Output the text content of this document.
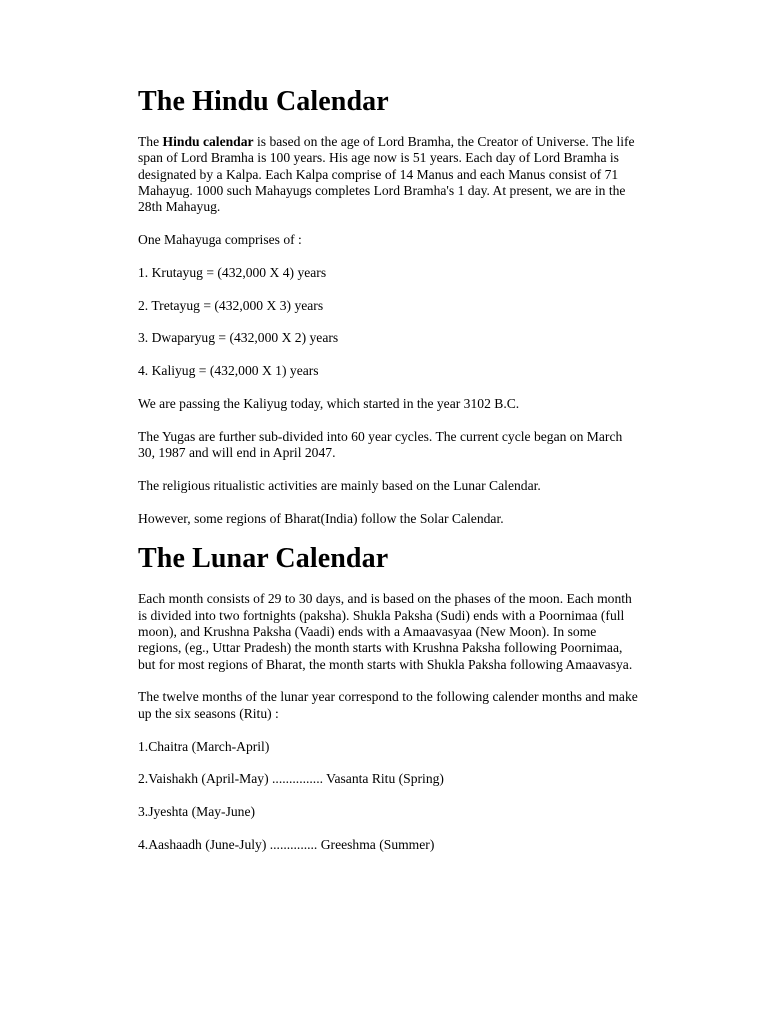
The Hindu Calendar

The Hindu calendar is based on the age of Lord Bramha, the Creator of Universe. The life span of Lord Bramha is 100 years. His age now is 51 years. Each day of Lord Bramha is designated by a Kalpa. Each Kalpa comprise of 14 Manus and each Manus consist of 71 Mahayug. 1000 such Mahayugs completes Lord Bramha's 1 day. At present, we are in the 28th Mahayug.

One Mahayuga comprises of :

1. Krutayug = (432,000 X 4) years

2. Tretayug = (432,000 X 3) years

3. Dwaparyug = (432,000 X 2) years

4. Kaliyug = (432,000 X 1) years

We are passing the Kaliyug today, which started in the year 3102 B.C.

The Yugas are further sub-divided into 60 year cycles. The current cycle began on March 30, 1987 and will end in April 2047.

The religious ritualistic activities are mainly based on the Lunar Calendar.

However, some regions of Bharat(India) follow the Solar Calendar.

The Lunar Calendar

Each month consists of 29 to 30 days, and is based on the phases of the moon. Each month is divided into two fortnights (paksha). Shukla Paksha (Sudi) ends with a Poornimaa (full moon), and Krushna Paksha (Vaadi) ends with a Amaavasyaa (New Moon). In some regions, (eg., Uttar Pradesh) the month starts with Krushna Paksha following Poornimaa, but for most regions of Bharat, the month starts with Shukla Paksha following Amaavasya.

The twelve months of the lunar year correspond to the following calender months and make up the six seasons (Ritu) :

1.Chaitra (March-April)

2.Vaishakh (April-May) ............... Vasanta Ritu (Spring)

3.Jyeshta (May-June)

4.Aashaadh (June-July) .............. Greeshma (Summer)
